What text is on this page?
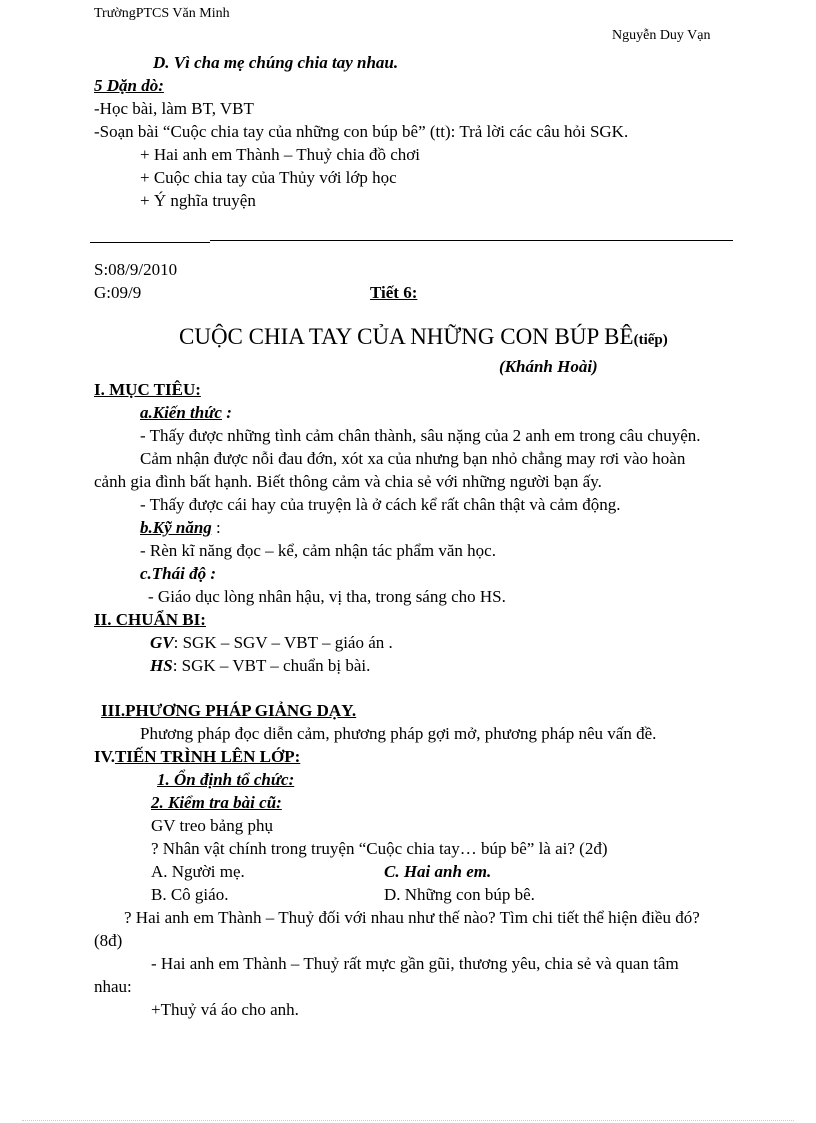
TrườngPTCS Văn Minh
Nguyễn Duy Vạn
D. Vì cha mẹ chúng chia tay nhau.
5 Dặn dò:
-Học bài, làm BT, VBT
-Soạn bài “Cuộc chia tay của những con búp bê” (tt): Trả lời các câu hỏi SGK.
+ Hai anh em Thành – Thuỷ chia đồ chơi
+ Cuộc chia tay của Thủy với lớp học
+ Ý nghĩa truyện
S:08/9/2010
G:09/9	Tiết 6:
CUỘC CHIA TAY CỦA NHỮNG CON BÚP BÊ(tiếp)
(Khánh Hoài)
I. MỤC TIÊU:
a.Kiến thức :
- Thấy được những tình cảm chân thành, sâu nặng của 2 anh em trong câu chuyện.
Cảm nhận được nỗi đau đớn, xót xa của nhưng bạn nhỏ chẳng may rơi vào hoàn
cảnh gia đình bất hạnh. Biết thông cảm và chia sẻ với những người bạn ấy.
- Thấy được cái hay của truyện là ở cách kể rất chân thật và cảm động.
b.Kỹ năng :
- Rèn kĩ năng đọc – kể, cảm nhận tác phẩm văn học.
c.Thái độ :
- Giáo dục lòng nhân hậu, vị tha, trong sáng cho HS.
II. CHUẨN BI:
GV: SGK – SGV – VBT – giáo án .
HS: SGK – VBT – chuẩn bị bài.
III.PHƯƠNG PHÁP GIẢNG DẠY.
Phương pháp đọc diễn cảm, phương pháp gợi mở, phương pháp nêu vấn đề.
IV.TIẾN TRÌNH LÊN LỚP:
1. Ổn định tổ chức:
2. Kiểm tra bài cũ:
GV treo bảng phụ
? Nhân vật chính trong truyện “Cuộc chia tay… búp bê” là ai? (2đ)
A. Người mẹ.	C. Hai anh em.
B. Cô giáo.	D. Những con búp bê.
? Hai anh em Thành – Thuỷ đối với nhau như thế nào? Tìm chi tiết thể hiện điều đó?
(8đ)
- Hai anh em Thành – Thuỷ rất mực gần gũi, thương yêu, chia sẻ và quan tâm
nhau:
+Thuỷ vá áo cho anh.
